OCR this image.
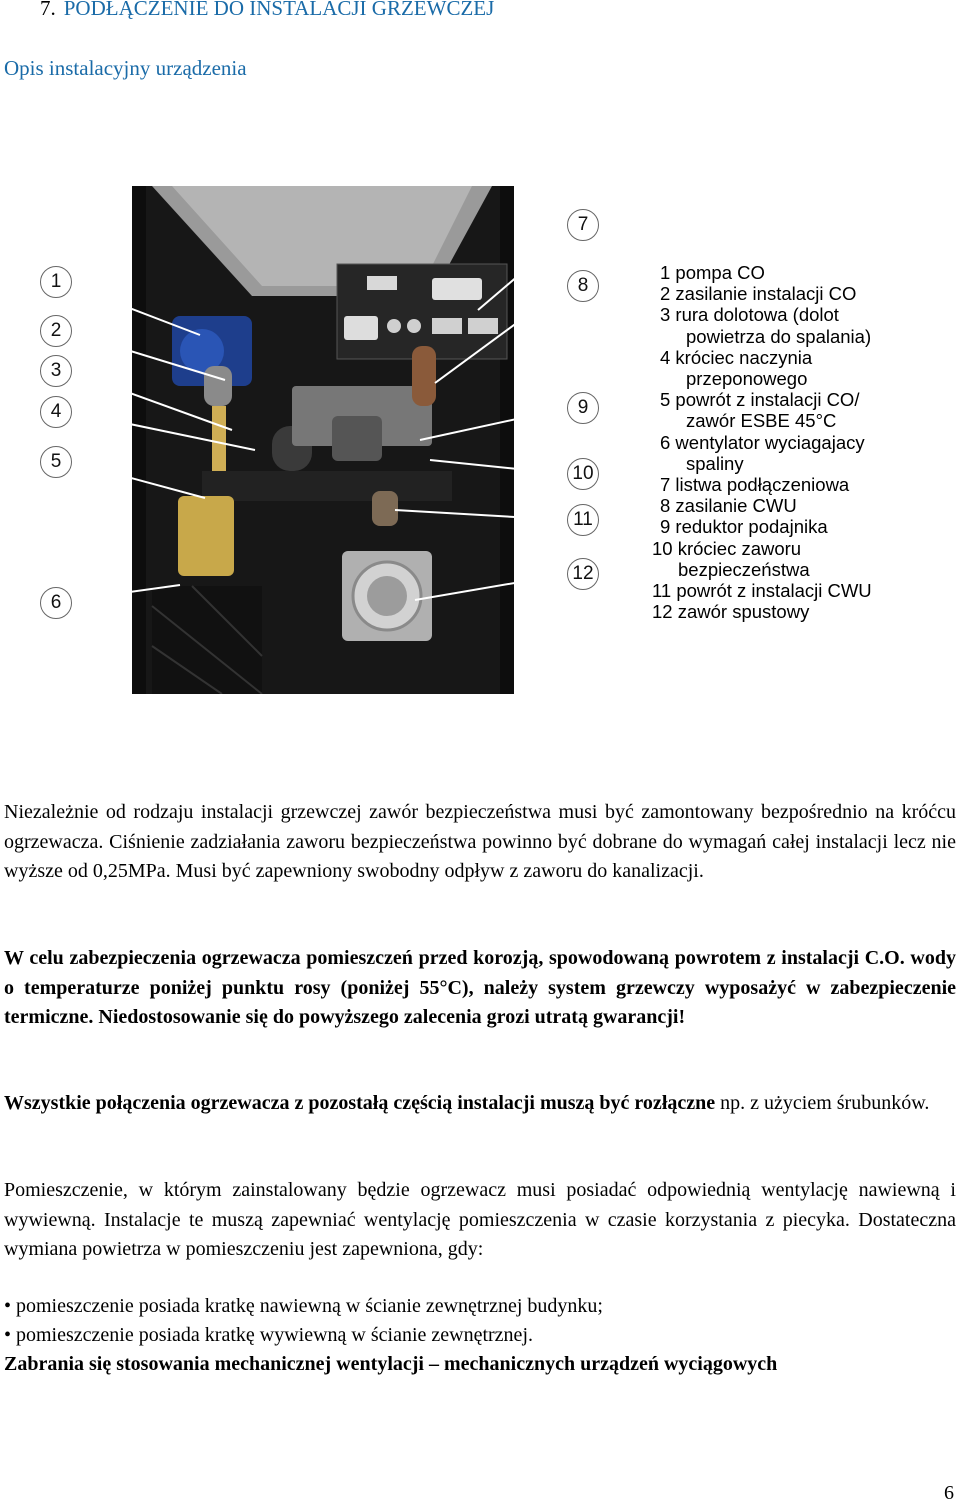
7. PODŁĄCZENIE DO INSTALACJI GRZEWCZEJ
Opis instalacyjny urządzenia
1
2
3
4
5
6
7
8
9
10
11
12
1 pompa CO
2 zasilanie instalacji CO
3 rura dolotowa (dolot
powietrza do spalania)
4 króciec naczynia
przeponowego
5 powrót z instalacji CO/
zawór ESBE 45°C
6 wentylator wyciagajacy
spaliny
7 listwa podłączeniowa
8 zasilanie CWU
9 reduktor podajnika
10 króciec zaworu
bezpieczeństwa
11 powrót z instalacji CWU
12 zawór spustowy
Niezależnie od rodzaju instalacji grzewczej zawór bezpieczeństwa musi być zamontowany bezpośrednio na króćcu ogrzewacza. Ciśnienie zadziałania zaworu bezpieczeństwa powinno być dobrane do wymagań całej instalacji lecz nie wyższe od 0,25MPa. Musi być zapewniony swobodny odpływ z zaworu do kanalizacji.
W celu zabezpieczenia ogrzewacza pomieszczeń przed korozją, spowodowaną powrotem z instalacji C.O. wody o temperaturze poniżej punktu rosy (poniżej 55°C), należy system grzewczy wyposażyć w zabezpieczenie termiczne. Niedostosowanie się do powyższego zalecenia grozi utratą gwarancji!
Wszystkie połączenia ogrzewacza z pozostałą częścią instalacji muszą być rozłączne np. z użyciem śrubunków.
Pomieszczenie, w którym zainstalowany będzie ogrzewacz musi posiadać odpowiednią wentylację nawiewną i wywiewną. Instalacje te muszą zapewniać wentylację pomieszczenia w czasie korzystania z piecyka. Dostateczna wymiana powietrza w pomieszczeniu jest zapewniona, gdy:
• pomieszczenie posiada kratkę nawiewną w ścianie zewnętrznej budynku;
• pomieszczenie posiada kratkę wywiewną w ścianie zewnętrznej.
Zabrania się stosowania mechanicznej wentylacji – mechanicznych urządzeń wyciągowych
6
